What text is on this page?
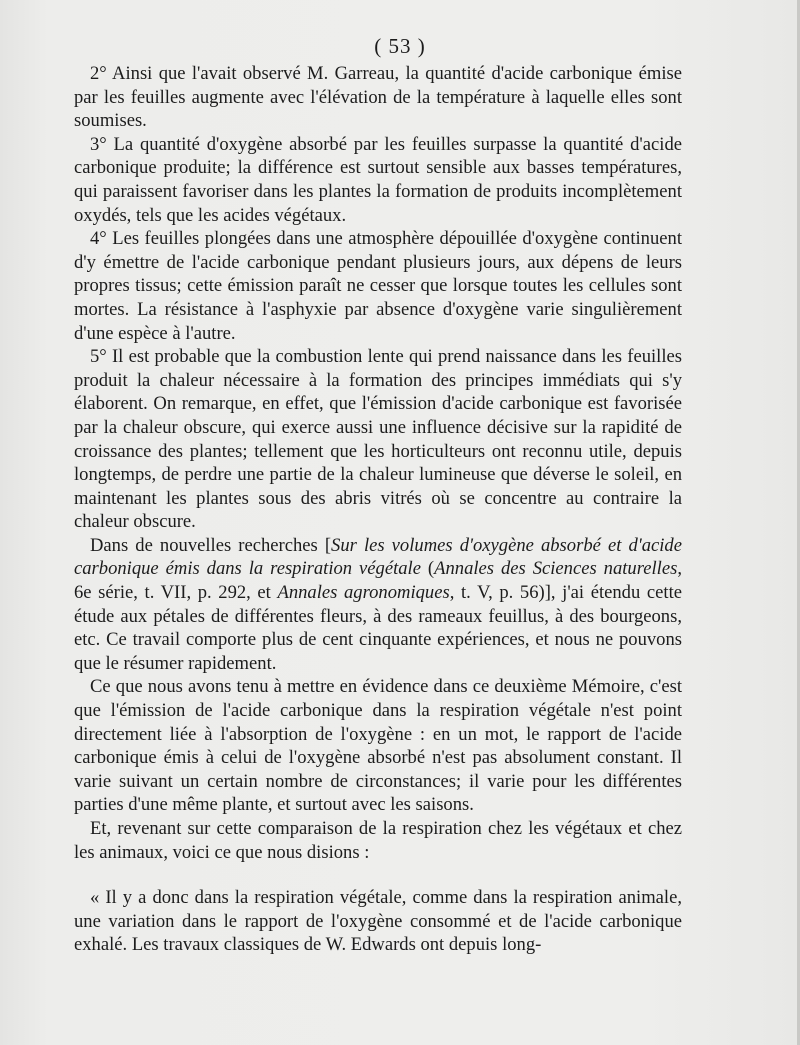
( 53 )

2° Ainsi que l'avait observé M. Garreau, la quantité d'acide carbonique émise par les feuilles augmente avec l'élévation de la température à laquelle elles sont soumises.

3° La quantité d'oxygène absorbé par les feuilles surpasse la quantité d'acide carbonique produite; la différence est surtout sensible aux basses températures, qui paraissent favoriser dans les plantes la formation de produits incomplètement oxydés, tels que les acides végétaux.

4° Les feuilles plongées dans une atmosphère dépouillée d'oxygène continuent d'y émettre de l'acide carbonique pendant plusieurs jours, aux dépens de leurs propres tissus; cette émission paraît ne cesser que lorsque toutes les cellules sont mortes. La résistance à l'asphyxie par absence d'oxygène varie singulièrement d'une espèce à l'autre.

5° Il est probable que la combustion lente qui prend naissance dans les feuilles produit la chaleur nécessaire à la formation des principes immédiats qui s'y élaborent. On remarque, en effet, que l'émission d'acide carbonique est favorisée par la chaleur obscure, qui exerce aussi une influence décisive sur la rapidité de croissance des plantes; tellement que les horticulteurs ont reconnu utile, depuis longtemps, de perdre une partie de la chaleur lumineuse que déverse le soleil, en maintenant les plantes sous des abris vitrés où se concentre au contraire la chaleur obscure.

Dans de nouvelles recherches [Sur les volumes d'oxygène absorbé et d'acide carbonique émis dans la respiration végétale (Annales des Sciences naturelles, 6e série, t. VII, p. 292, et Annales agronomiques, t. V, p. 56)], j'ai étendu cette étude aux pétales de différentes fleurs, à des rameaux feuillus, à des bourgeons, etc. Ce travail comporte plus de cent cinquante expériences, et nous ne pouvons que le résumer rapidement.

Ce que nous avons tenu à mettre en évidence dans ce deuxième Mémoire, c'est que l'émission de l'acide carbonique dans la respiration végétale n'est point directement liée à l'absorption de l'oxygène : en un mot, le rapport de l'acide carbonique émis à celui de l'oxygène absorbé n'est pas absolument constant. Il varie suivant un certain nombre de circonstances; il varie pour les différentes parties d'une même plante, et surtout avec les saisons.

Et, revenant sur cette comparaison de la respiration chez les végétaux et chez les animaux, voici ce que nous disions :

« Il y a donc dans la respiration végétale, comme dans la respiration animale, une variation dans le rapport de l'oxygène consommé et de l'acide carbonique exhalé. Les travaux classiques de W. Edwards ont depuis long-
